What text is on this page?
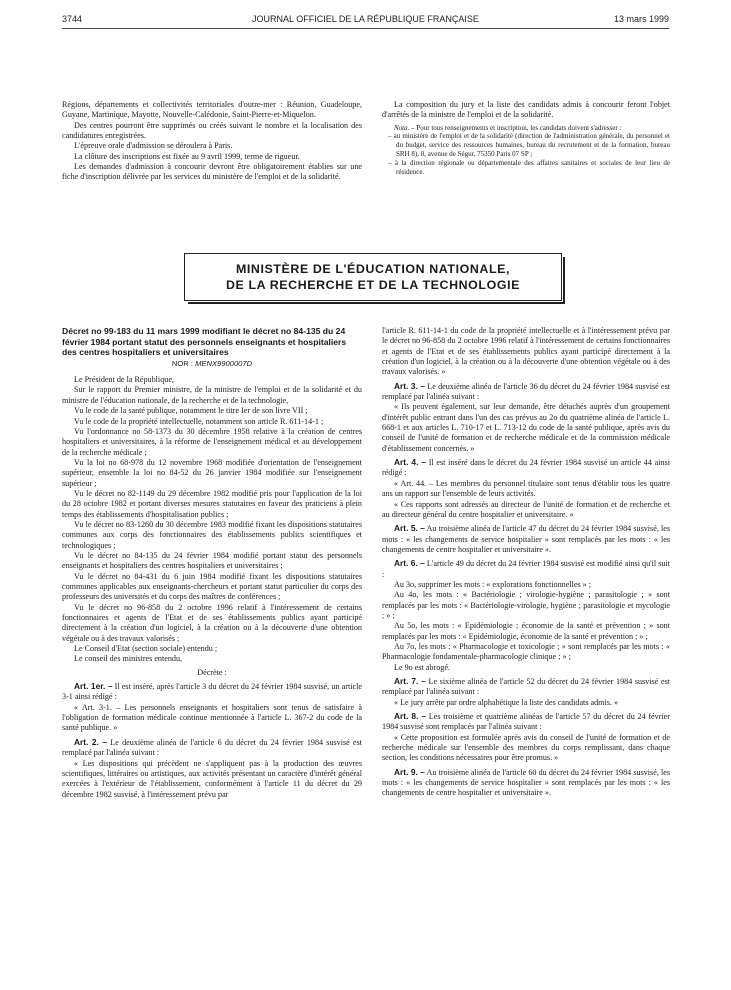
3744	JOURNAL OFFICIEL DE LA RÉPUBLIQUE FRANÇAISE	13 mars 1999

Régions, départements et collectivités territoriales d'outre-mer : Réunion, Guadeloupe, Guyane, Martinique, Mayotte, Nouvelle-Calédonie, Saint-Pierre-et-Miquelon.

Des centres pourront être supprimés ou créés suivant le nombre et la localisation des candidatures enregistrées.

L'épreuve orale d'admission se déroulera à Paris.

La clôture des inscriptions est fixée au 9 avril 1999, terme de rigueur.

Les demandes d'admission à concourir devront être obligatoirement établies sur une fiche d'inscription délivrée par les services du ministère de l'emploi et de la solidarité.

La composition du jury et la liste des candidats admis à concourir feront l'objet d'arrêtés de la ministre de l'emploi et de la solidarité.

Nota. – Pour tous renseignements et inscription, les candidats doivent s'adresser :

– au ministère de l'emploi et de la solidarité (direction de l'administration générale, du personnel et du budget, service des ressources humaines, bureau du recrutement et de la formation, bureau SRH 8), 8, avenue de Ségur, 75350 Paris 07 SP ;

– à la direction régionale ou départementale des affaires sanitaires et sociales de leur lieu de résidence.

MINISTÈRE DE L'ÉDUCATION NATIONALE,
DE LA RECHERCHE ET DE LA TECHNOLOGIE

Décret no 99-183 du 11 mars 1999 modifiant le décret no 84-135 du 24 février 1984 portant statut des personnels enseignants et hospitaliers des centres hospitaliers et universitaires

NOR : MENX9900007D

Le Président de la République,

Sur le rapport du Premier ministre, de la ministre de l'emploi et de la solidarité et du ministre de l'éducation nationale, de la recherche et de la technologie,

Vu le code de la santé publique, notamment le titre Ier de son livre VII ;

Vu le code de la propriété intellectuelle, notamment son article R. 611-14-1 ;

Vu l'ordonnance no 58-1373 du 30 décembre 1958 relative à la création de centres hospitaliers et universitaires, à la réforme de l'enseignement médical et au développement de la recherche médicale ;

Vu la loi no 68-978 du 12 novembre 1968 modifiée d'orientation de l'enseignement supérieur, ensemble la loi no 84-52 du 26 janvier 1984 modifiée sur l'enseignement supérieur ;

Vu le décret no 82-1149 du 29 décembre 1982 modifié pris pour l'application de la loi du 28 octobre 1982 et portant diverses mesures statutaires en faveur des praticiens à plein temps des établissements d'hospitalisation publics ;

Vu le décret no 83-1260 du 30 décembre 1983 modifié fixant les dispositions statutaires communes aux corps des fonctionnaires des établissements publics scientifiques et technologiques ;

Vu le décret no 84-135 du 24 février 1984 modifié portant statut des personnels enseignants et hospitaliers des centres hospitaliers et universitaires ;

Vu le décret no 84-431 du 6 juin 1984 modifié fixant les dispositions statutaires communes applicables aux enseignants-chercheurs et portant statut particulier du corps des professeurs des universités et du corps des maîtres de conférences ;

Vu le décret no 96-858 du 2 octobre 1996 relatif à l'intéressement de certains fonctionnaires et agents de l'Etat et de ses établissements publics ayant participé directement à la création d'un logiciel, à la création ou à la découverte d'une obtention végétale ou à des travaux valorisés ;

Le Conseil d'Etat (section sociale) entendu ;

Le conseil des ministres entendu,

Décrète :

Art. 1er. – Il est inséré, après l'article 3 du décret du 24 février 1984 susvisé, un article 3-1 ainsi rédigé :

« Art. 3-1. – Les personnels enseignants et hospitaliers sont tenus de satisfaire à l'obligation de formation médicale continue mentionnée à l'article L. 367-2 du code de la santé publique. »

Art. 2. – Le deuxième alinéa de l'article 6 du décret du 24 février 1984 susvisé est remplacé par l'alinéa suivant :

« Les dispositions qui précèdent ne s'appliquent pas à la production des œuvres scientifiques, littéraires ou artistiques, aux activités présentant un caractère d'intérêt général exercées à l'extérieur de l'établissement, conformément à l'article 11 du décret du 29 décembre 1982 susvisé, à l'intéressement prévu par

l'article R. 611-14-1 du code de la propriété intellectuelle et à l'intéressement prévu par le décret no 96-858 du 2 octobre 1996 relatif à l'intéressement de certains fonctionnaires et agents de l'Etat et de ses établissements publics ayant participé directement à la création d'un logiciel, à la création ou à la découverte d'une obtention végétale ou à des travaux valorisés. »

Art. 3. – Le deuxième alinéa de l'article 36 du décret du 24 février 1984 susvisé est remplacé par l'alinéa suivant :

« Ils peuvent également, sur leur demande, être détachés auprès d'un groupement d'intérêt public entrant dans l'un des cas prévus au 2o du quatrième alinéa de l'article L. 668-1 et aux articles L. 710-17 et L. 713-12 du code de la santé publique, après avis du conseil de l'unité de formation et de recherche médicale et de la commission médicale d'établissement concernés. »

Art. 4. – Il est inséré dans le décret du 24 février 1984 susvisé un article 44 ainsi rédigé :

« Art. 44. – Les membres du personnel titulaire sont tenus d'établir tous les quatre ans un rapport sur l'ensemble de leurs activités.

« Ces rapports sont adressés au directeur de l'unité de formation et de recherche et au directeur général du centre hospitalier et universitaire. »

Art. 5. – Au troisième alinéa de l'article 47 du décret du 24 février 1984 susvisé, les mots : « les changements de service hospitalier » sont remplacés par les mots : « les changements de centre hospitalier et universitaire ».

Art. 6. – L'article 49 du décret du 24 février 1984 susvisé est modifié ainsi qu'il suit :

Au 3o, supprimer les mots : « explorations fonctionnelles » ;

Au 4o, les mots : « Bactériologie ; virologie-hygiène ; parasitologie ; » sont remplacés par les mots : « Bactériologie-virologie, hygiène ; parasitologie et mycologie ; » ;

Au 5o, les mots : « Epidémiologie ; économie de la santé et prévention ; » sont remplacés par les mots : « Epidémiologie, économie de la santé et prévention ; » ;

Au 7o, les mots : « Pharmacologie et toxicologie ; » sont remplacés par les mots : « Pharmacologie fondamentale-pharmacologie clinique ; » ;

Le 9o est abrogé.

Art. 7. – Le sixième alinéa de l'article 52 du décret du 24 février 1984 susvisé est remplacé par l'alinéa suivant :

« Le jury arrête par ordre alphabétique la liste des candidats admis. »

Art. 8. – Les troisième et quatrième alinéas de l'article 57 du décret du 24 février 1984 susvisé sont remplacés par l'alinéa suivant :

« Cette proposition est formulée après avis du conseil de l'unité de formation et de recherche médicale sur l'ensemble des membres du corps remplissant, dans chaque section, les conditions nécessaires pour être promus. »

Art. 9. – Au troisième alinéa de l'article 60 du décret du 24 février 1984 susvisé, les mots : « les changements de service hospitalier » sont remplacés par les mots : « les changements de centre hospitalier et universitaire ».
